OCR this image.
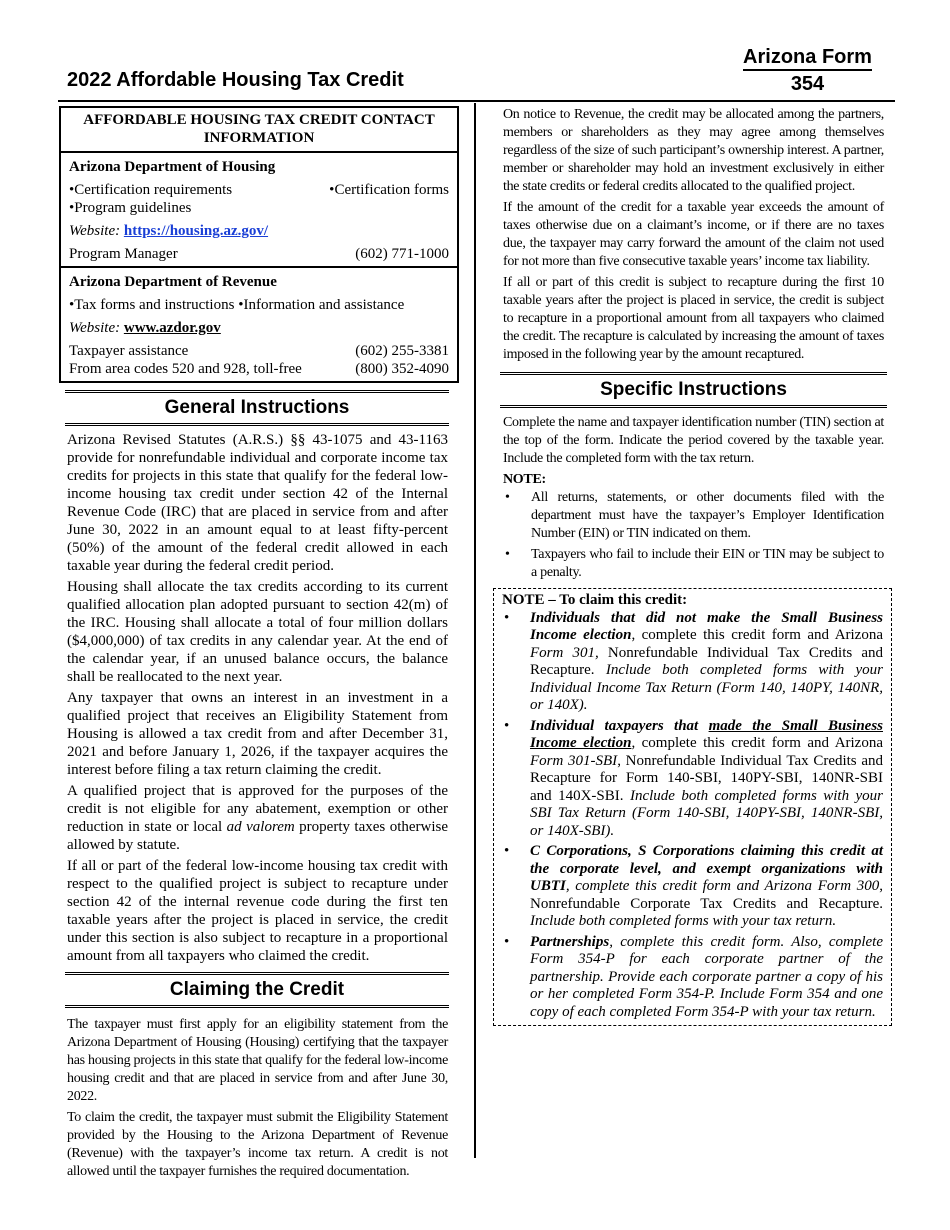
2022 Affordable Housing Tax Credit
Arizona Form
354
AFFORDABLE HOUSING TAX CREDIT CONTACT INFORMATION
Arizona Department of Housing
•Certification requirements	•Certification forms
•Program guidelines
Website: https://housing.az.gov/
Program Manager	(602) 771-1000
Arizona Department of Revenue
•Tax forms and instructions •Information and assistance
Website: www.azdor.gov
Taxpayer assistance	(602) 255-3381
From area codes 520 and 928, toll-free	(800) 352-4090
General Instructions

Arizona Revised Statutes (A.R.S.) §§ 43-1075 and 43-1163 provide for nonrefundable individual and corporate income tax credits for projects in this state that qualify for the federal low-income housing tax credit under section 42 of the Internal Revenue Code (IRC) that are placed in service from and after June 30, 2022 in an amount equal to at least fifty-percent (50%) of the amount of the federal credit allowed in each taxable year during the federal credit period.

Housing shall allocate the tax credits according to its current qualified allocation plan adopted pursuant to section 42(m) of the IRC. Housing shall allocate a total of four million dollars ($4,000,000) of tax credits in any calendar year. At the end of the calendar year, if an unused balance occurs, the balance shall be reallocated to the next year.

Any taxpayer that owns an interest in an investment in a qualified project that receives an Eligibility Statement from Housing is allowed a tax credit from and after December 31, 2021 and before January 1, 2026, if the taxpayer acquires the interest before filing a tax return claiming the credit.

A qualified project that is approved for the purposes of the credit is not eligible for any abatement, exemption or other reduction in state or local ad valorem property taxes otherwise allowed by statute.

If all or part of the federal low-income housing tax credit with respect to the qualified project is subject to recapture under section 42 of the internal revenue code during the first ten taxable years after the project is placed in service, the credit under this section is also subject to recapture in a proportional amount from all taxpayers who claimed the credit.

Claiming the Credit

The taxpayer must first apply for an eligibility statement from the Arizona Department of Housing (Housing) certifying that the taxpayer has housing projects in this state that qualify for the federal low-income housing credit and that are placed in service from and after June 30, 2022.

To claim the credit, the taxpayer must submit the Eligibility Statement provided by the Housing to the Arizona Department of Revenue (Revenue) with the taxpayer’s income tax return. A credit is not allowed until the taxpayer furnishes the required documentation.

On notice to Revenue, the credit may be allocated among the partners, members or shareholders as they may agree among themselves regardless of the size of such participant’s ownership interest. A partner, member or shareholder may hold an investment exclusively in either the state credits or federal credits allocated to the qualified project.

If the amount of the credit for a taxable year exceeds the amount of taxes otherwise due on a claimant’s income, or if there are no taxes due, the taxpayer may carry forward the amount of the claim not used for not more than five consecutive taxable years’ income tax liability.

If all or part of this credit is subject to recapture during the first 10 taxable years after the project is placed in service, the credit is subject to recapture in a proportional amount from all taxpayers who claimed the credit. The recapture is calculated by increasing the amount of taxes imposed in the following year by the amount recaptured.

Specific Instructions

Complete the name and taxpayer identification number (TIN) section at the top of the form. Indicate the period covered by the taxable year. Include the completed form with the tax return.

NOTE:

• All returns, statements, or other documents filed with the department must have the taxpayer’s Employer Identification Number (EIN) or TIN indicated on them.
• Taxpayers who fail to include their EIN or TIN may be subject to a penalty.
NOTE – To claim this credit:
• Individuals that did not make the Small Business Income election, complete this credit form and Arizona Form 301, Nonrefundable Individual Tax Credits and Recapture. Include both completed forms with your Individual Income Tax Return (Form 140, 140PY, 140NR, or 140X).
• Individual taxpayers that made the Small Business Income election, complete this credit form and Arizona Form 301-SBI, Nonrefundable Individual Tax Credits and Recapture for Form 140-SBI, 140PY-SBI, 140NR-SBI and 140X-SBI. Include both completed forms with your SBI Tax Return (Form 140-SBI, 140PY-SBI, 140NR-SBI, or 140X-SBI).
• C Corporations, S Corporations claiming this credit at the corporate level, and exempt organizations with UBTI, complete this credit form and Arizona Form 300, Nonrefundable Corporate Tax Credits and Recapture. Include both completed forms with your tax return.
• Partnerships, complete this credit form. Also, complete Form 354-P for each corporate partner of the partnership. Provide each corporate partner a copy of his or her completed Form 354-P. Include Form 354 and one copy of each completed Form 354-P with your tax return.
